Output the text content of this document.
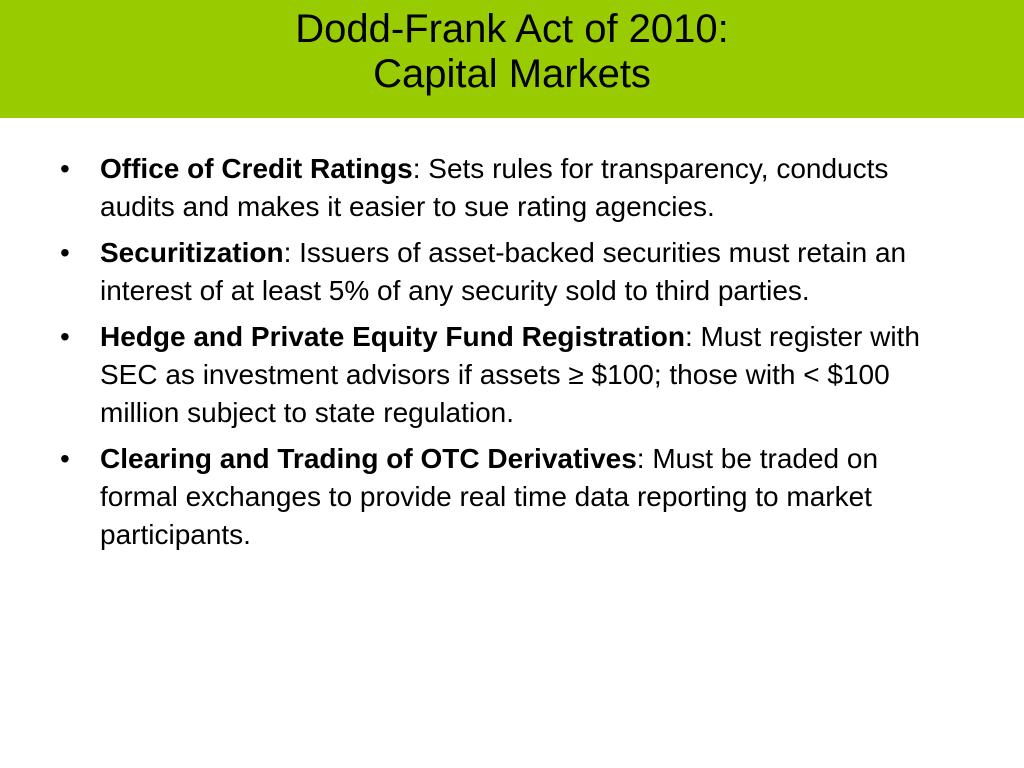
Dodd-Frank Act of 2010:
Capital Markets
•	Office of Credit Ratings: Sets rules for transparency, conducts audits and makes it easier to sue rating agencies.
•	Securitization: Issuers of asset-backed securities must retain an interest of at least 5% of any security sold to third parties.
•	Hedge and Private Equity Fund Registration: Must register with SEC as investment advisors if assets ≥ $100; those with < $100 million subject to state regulation.
•	Clearing and Trading of OTC Derivatives: Must be traded on formal exchanges to provide real time data reporting to market participants.
